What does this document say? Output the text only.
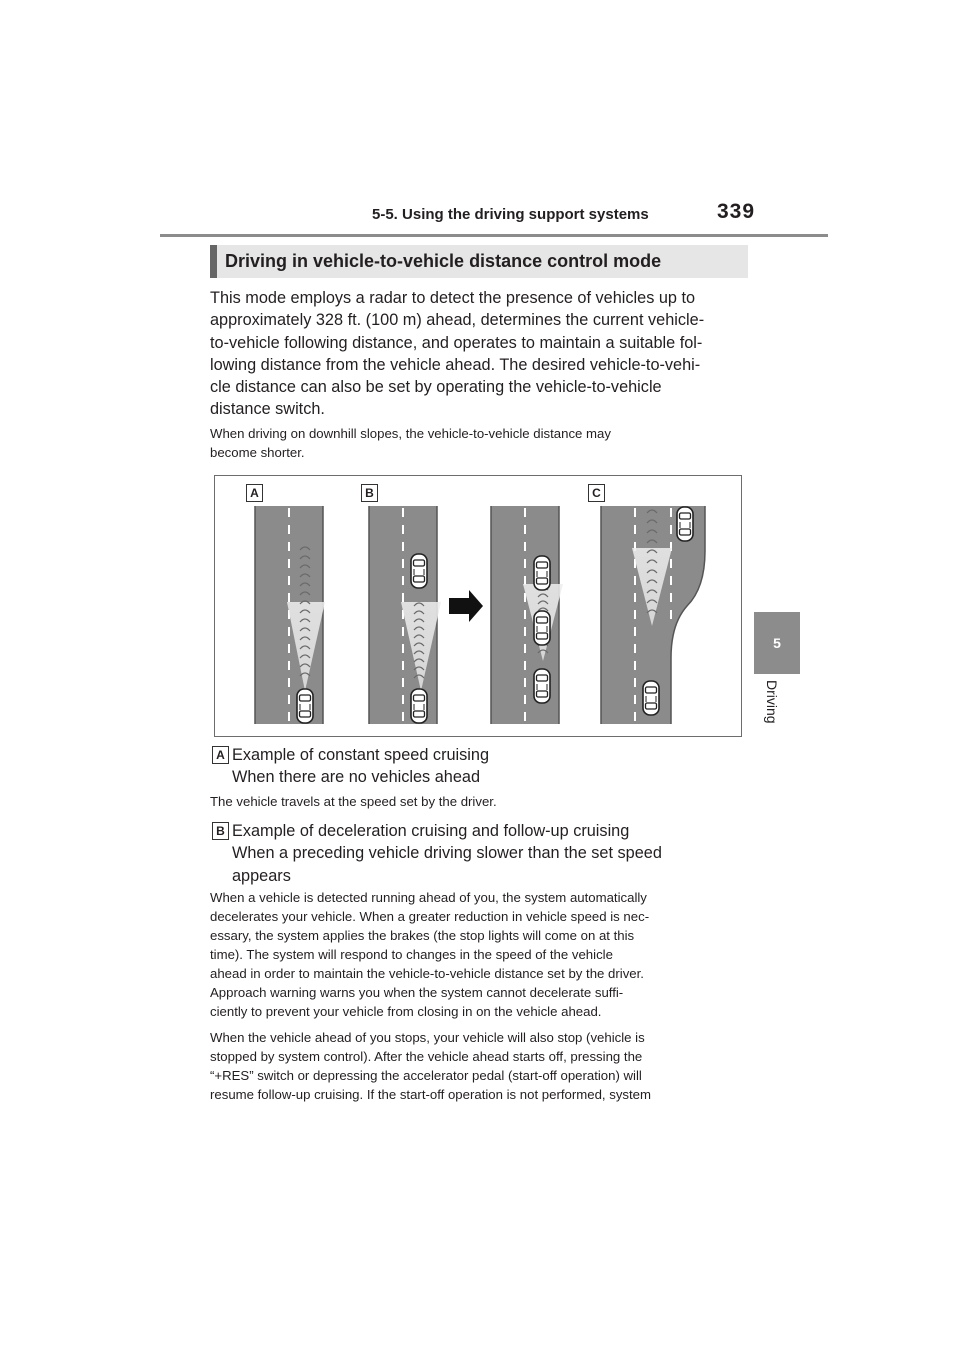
5-5. Using the driving support systems	339
5
Driving
Driving in vehicle-to-vehicle distance control mode
This mode employs a radar to detect the presence of vehicles up to
approximately 328 ft. (100 m) ahead, determines the current vehicle-
to-vehicle following distance, and operates to maintain a suitable fol-
lowing distance from the vehicle ahead. The desired vehicle-to-vehi-
cle distance can also be set by operating the vehicle-to-vehicle
distance switch.
When driving on downhill slopes, the vehicle-to-vehicle distance may
become shorter.
A	B	C
A Example of constant speed cruising
When there are no vehicles ahead
The vehicle travels at the speed set by the driver.
B Example of deceleration cruising and follow-up cruising
When a preceding vehicle driving slower than the set speed
appears
When a vehicle is detected running ahead of you, the system automatically
decelerates your vehicle. When a greater reduction in vehicle speed is nec-
essary, the system applies the brakes (the stop lights will come on at this
time). The system will respond to changes in the speed of the vehicle
ahead in order to maintain the vehicle-to-vehicle distance set by the driver.
Approach warning warns you when the system cannot decelerate suffi-
ciently to prevent your vehicle from closing in on the vehicle ahead.
When the vehicle ahead of you stops, your vehicle will also stop (vehicle is
stopped by system control). After the vehicle ahead starts off, pressing the
“+RES” switch or depressing the accelerator pedal (start-off operation) will
resume follow-up cruising. If the start-off operation is not performed, system
